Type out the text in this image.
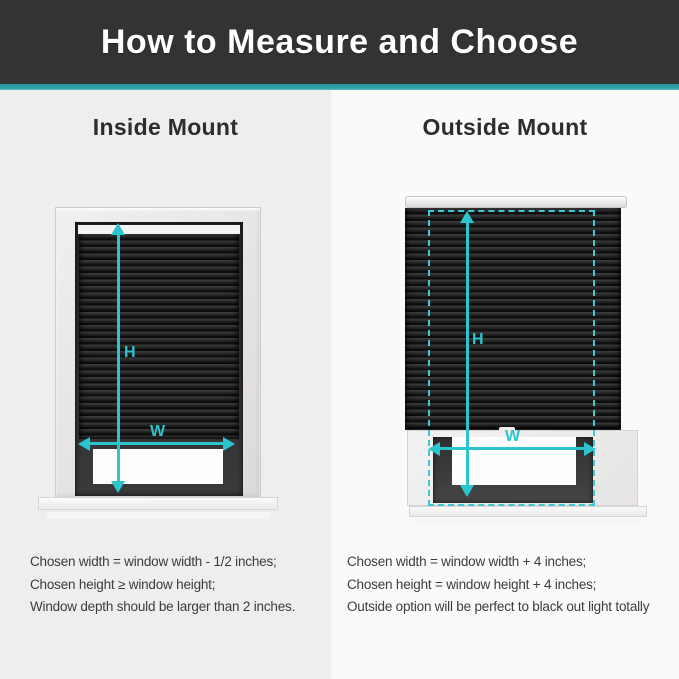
How to Measure and Choose
Inside Mount	Outside Mount
H
W
H
W
Chosen width = window width - 1/2 inches;
Chosen height ≥ window height;
Window depth should be larger than 2 inches.
Chosen width = window width + 4 inches;
Chosen height = window height + 4 inches;
Outside option will be perfect to black out light totally
